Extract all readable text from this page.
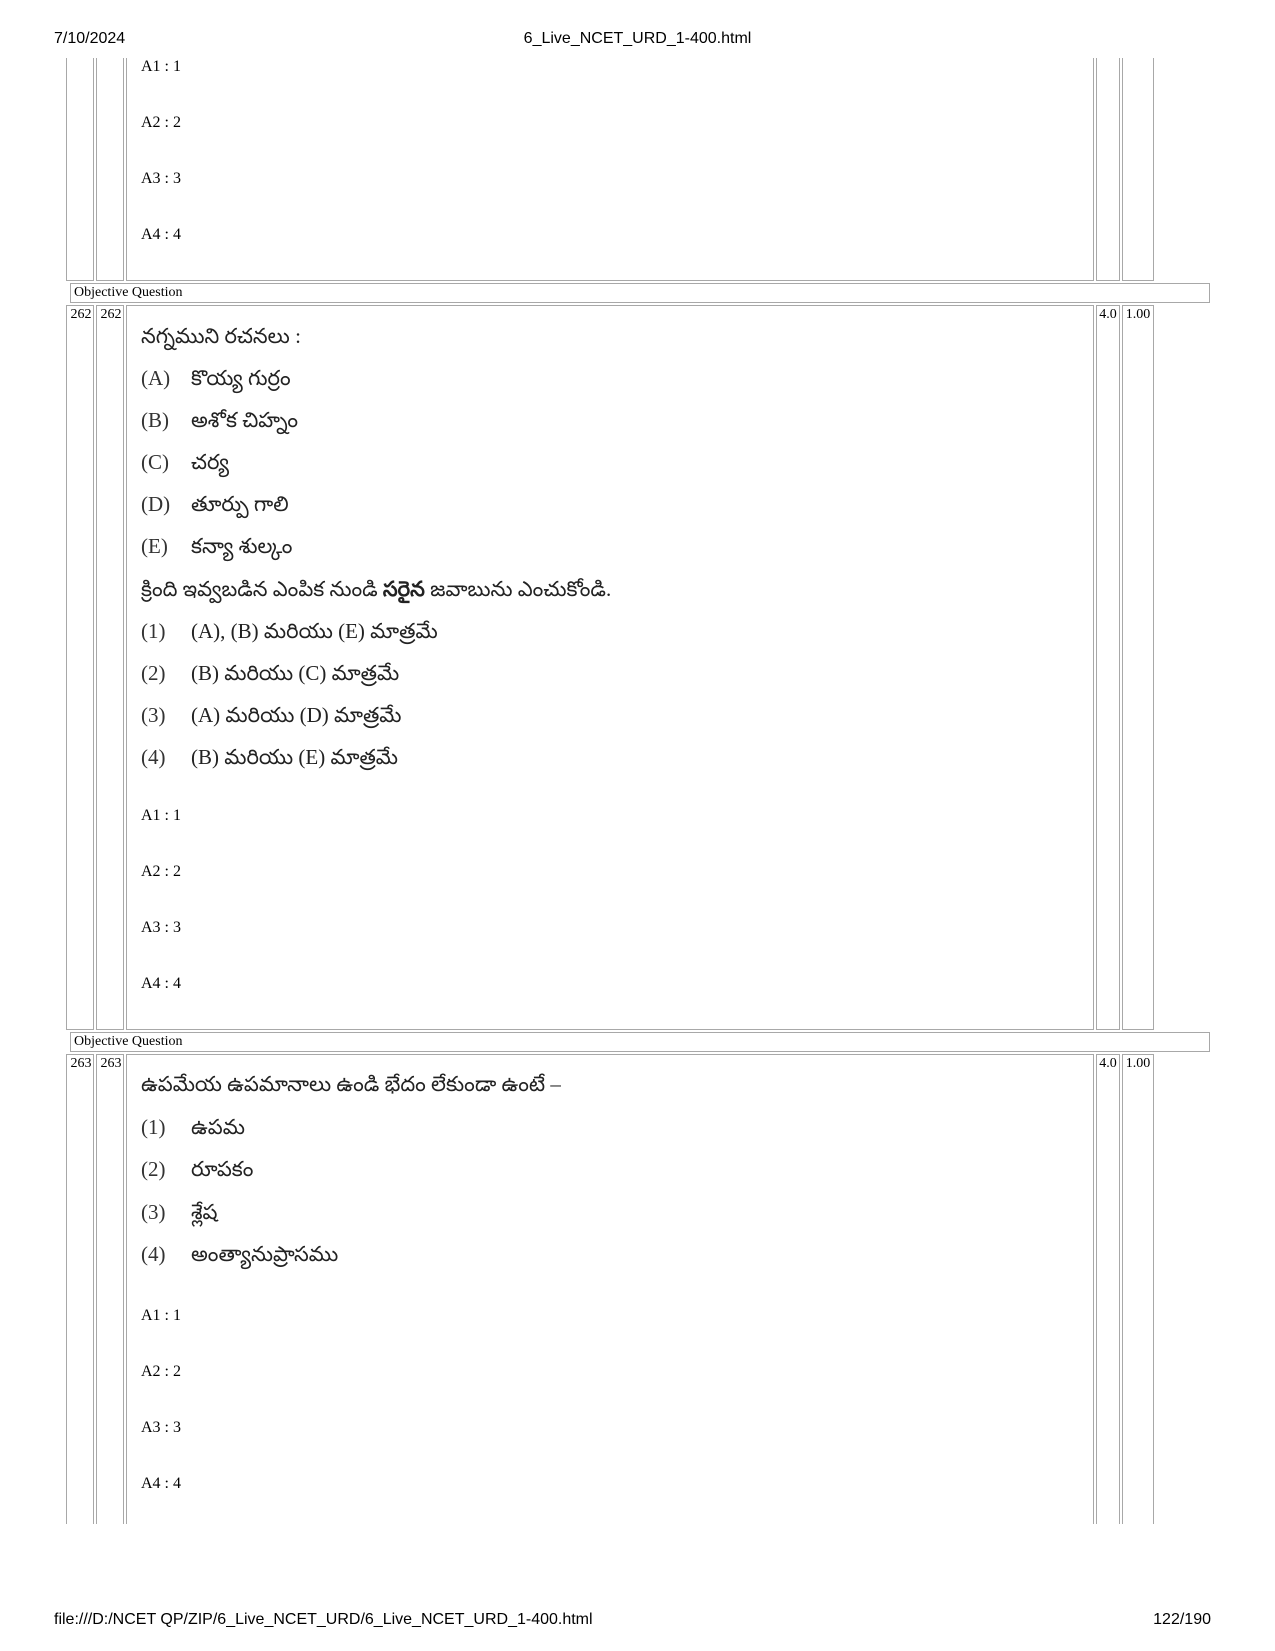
7/10/2024	6_Live_NCET_URD_1-400.html
A1 : 1
A2 : 2
A3 : 3
A4 : 4
Objective Question
262 262	4.0 1.00
నగ్నముని రచనలు :
(A) కొయ్య గుర్రం
(B) అశోక చిహ్నం
(C) చర్య
(D) తూర్పు గాలి
(E) కన్యా శుల్కం
క్రింది ఇవ్వబడిన ఎంపిక నుండి సరైన జవాబును ఎంచుకోండి.
(1) (A), (B) మరియు (E) మాత్రమే
(2) (B) మరియు (C) మాత్రమే
(3) (A) మరియు (D) మాత్రమే
(4) (B) మరియు (E) మాత్రమే
A1 : 1
A2 : 2
A3 : 3
A4 : 4
Objective Question
263 263	4.0 1.00
ఉపమేయ ఉపమానాలు ఉండి భేదం లేకుండా ఉంటే –
(1) ఉపమ
(2) రూపకం
(3) శ్లేష
(4) అంత్యానుప్రాసము
A1 : 1
A2 : 2
A3 : 3
A4 : 4
file:///D:/NCET QP/ZIP/6_Live_NCET_URD/6_Live_NCET_URD_1-400.html	122/190
